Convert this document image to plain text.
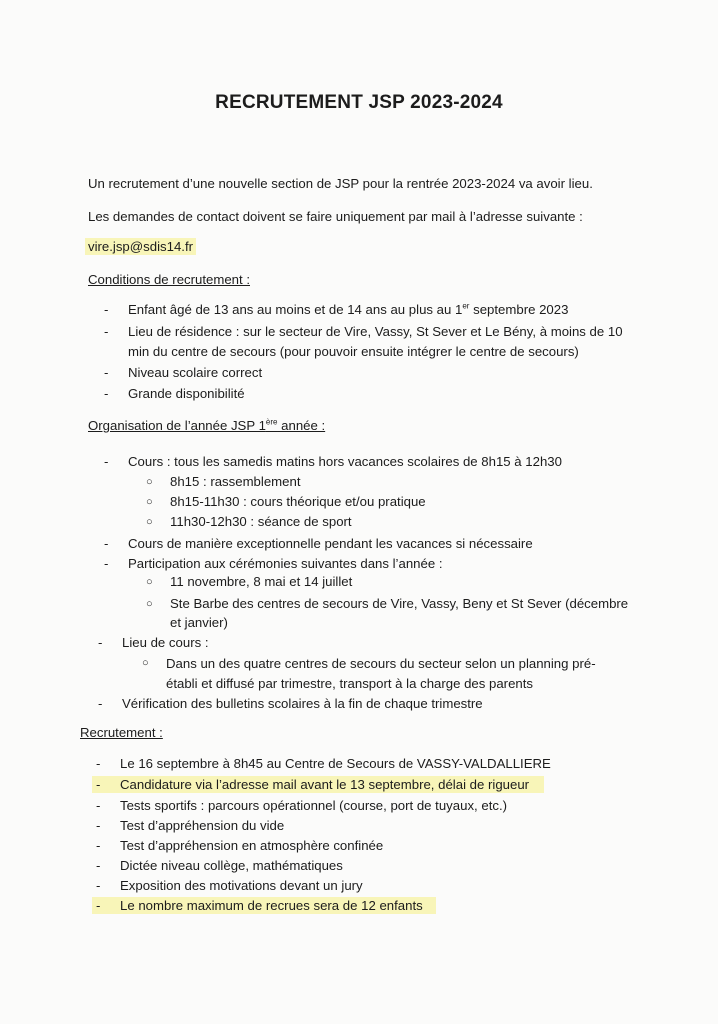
RECRUTEMENT JSP 2023-2024
Un recrutement d’une nouvelle section de JSP pour la rentrée 2023-2024 va avoir lieu.
Les demandes de contact doivent se faire uniquement par mail à l’adresse suivante :
vire.jsp@sdis14.fr
Conditions de recrutement :
- Enfant âgé de 13 ans au moins et de 14 ans au plus au 1er septembre 2023
- Lieu de résidence : sur le secteur de Vire, Vassy, St Sever et Le Bény, à moins de 10
min du centre de secours (pour pouvoir ensuite intégrer le centre de secours)
- Niveau scolaire correct
- Grande disponibilité
Organisation de l’année JSP 1ère année :
- Cours : tous les samedis matins hors vacances scolaires de 8h15 à 12h30
○ 8h15 : rassemblement
○ 8h15-11h30 : cours théorique et/ou pratique
○ 11h30-12h30 : séance de sport
- Cours de manière exceptionnelle pendant les vacances si nécessaire
- Participation aux cérémonies suivantes dans l’année :
○ 11 novembre, 8 mai et 14 juillet
○ Ste Barbe des centres de secours de Vire, Vassy, Beny et St Sever (décembre
et janvier)
- Lieu de cours :
○ Dans un des quatre centres de secours du secteur selon un planning pré-
établi et diffusé par trimestre, transport à la charge des parents
- Vérification des bulletins scolaires à la fin de chaque trimestre
Recrutement :
- Le 16 septembre à 8h45 au Centre de Secours de VASSY-VALDALLIERE
- Candidature via l’adresse mail avant le 13 septembre, délai de rigueur
- Tests sportifs : parcours opérationnel (course, port de tuyaux, etc.)
- Test d’appréhension du vide
- Test d’appréhension en atmosphère confinée
- Dictée niveau collège, mathématiques
- Exposition des motivations devant un jury
- Le nombre maximum de recrues sera de 12 enfants
